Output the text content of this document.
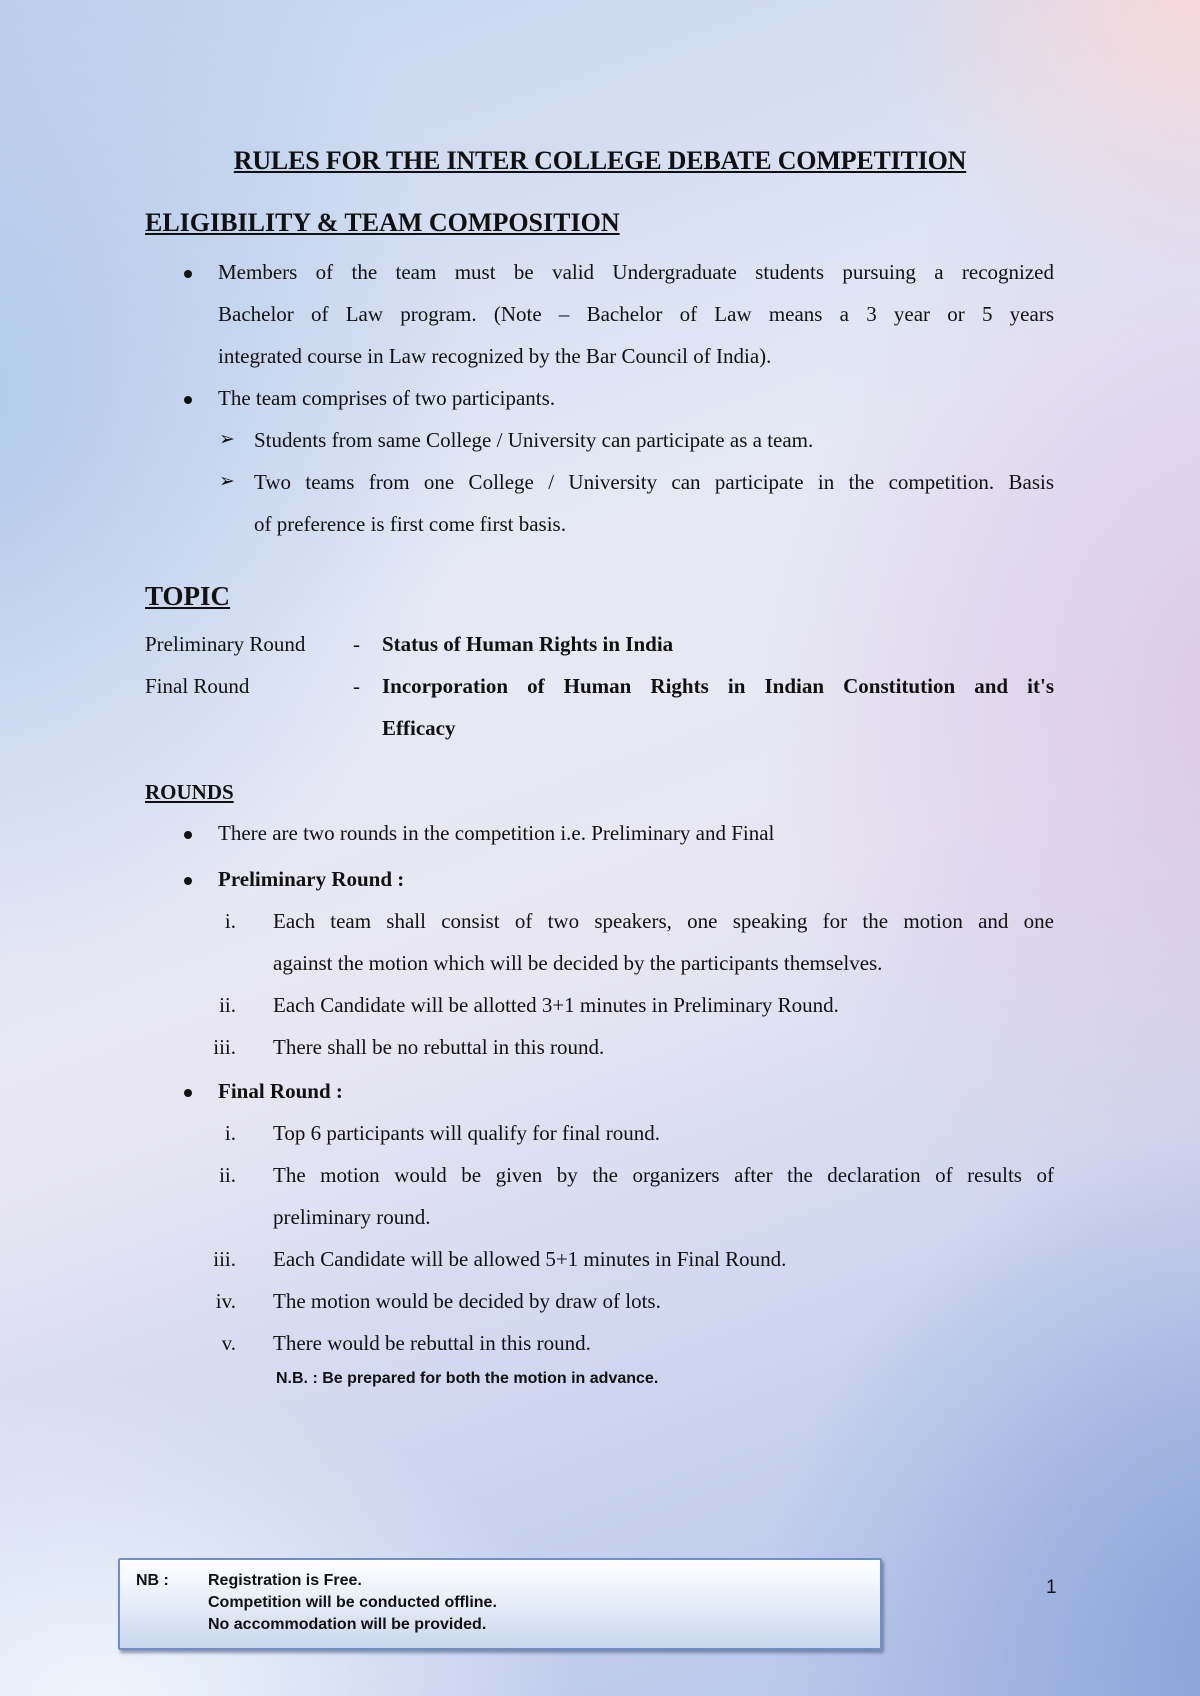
RULES FOR THE INTER COLLEGE DEBATE COMPETITION
ELIGIBILITY & TEAM COMPOSITION
Members of the team must be valid Undergraduate students pursuing a recognized
Bachelor of Law program. (Note – Bachelor of Law means a 3 year or 5 years
integrated course in Law recognized by the Bar Council of India).
The team comprises of two participants.
➢ Students from same College / University can participate as a team.
➢ Two teams from one College / University can participate in the competition. Basis
of preference is first come first basis.
TOPIC
Preliminary Round - Status of Human Rights in India
Final Round	- Incorporation of Human Rights in Indian Constitution and it's
Efficacy
ROUNDS
There are two rounds in the competition i.e. Preliminary and Final
Preliminary Round :
i. Each team shall consist of two speakers, one speaking for the motion and one
against the motion which will be decided by the participants themselves.
ii. Each Candidate will be allotted 3+1 minutes in Preliminary Round.
iii. There shall be no rebuttal in this round.
Final Round :
i. Top 6 participants will qualify for final round.
ii. The motion would be given by the organizers after the declaration of results of
preliminary round.
iii. Each Candidate will be allowed 5+1 minutes in Final Round.
iv. The motion would be decided by draw of lots.
v. There would be rebuttal in this round.
N.B. : Be prepared for both the motion in advance.
NB : Registration is Free.
Competition will be conducted offline.
No accommodation will be provided.
1
